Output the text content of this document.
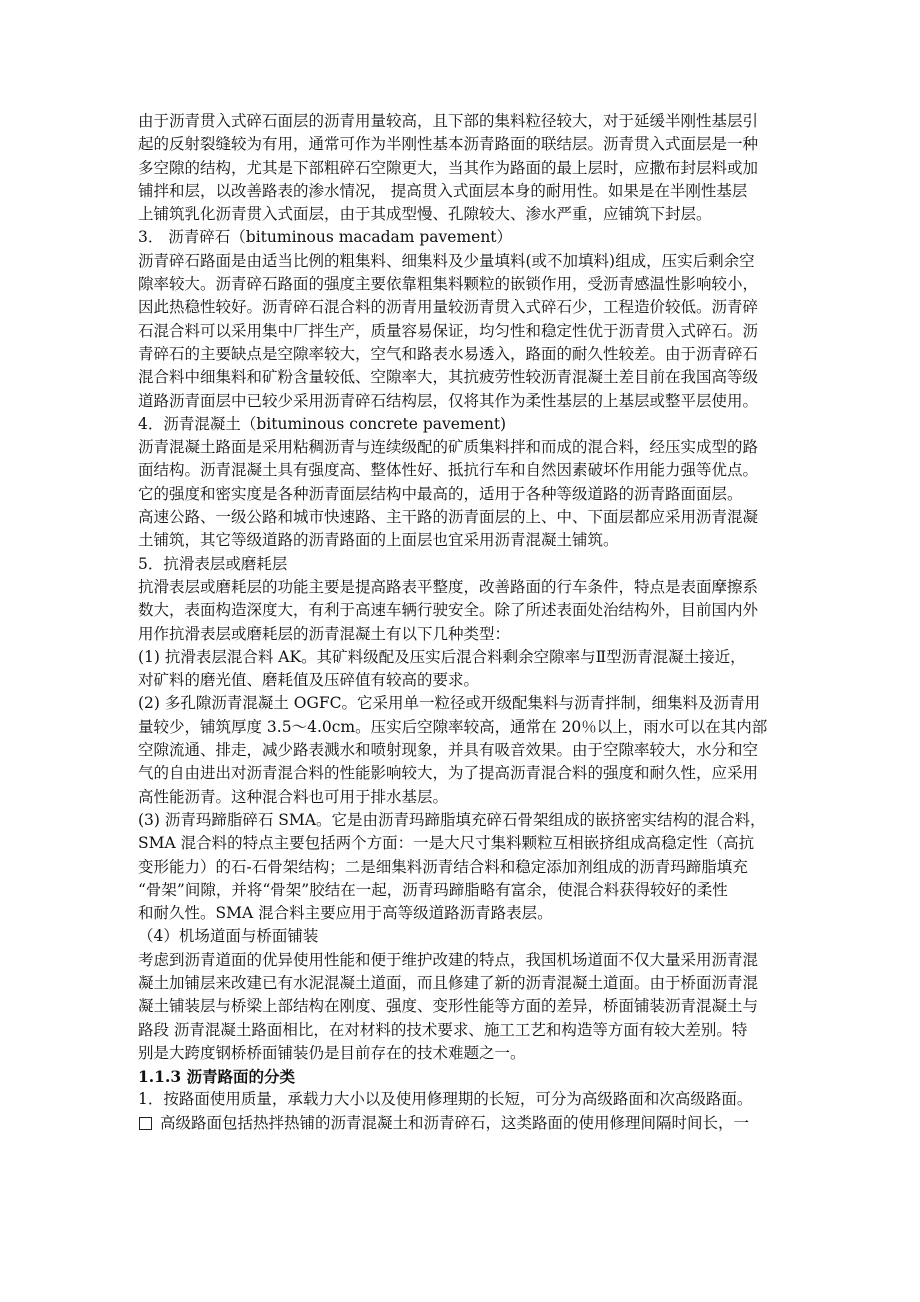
由于沥青贯入式碎石面层的沥青用量较高，且下部的集料粒径较大，对于延缓半刚性基层引
起的反射裂缝较为有用，通常可作为半刚性基本沥青路面的联结层。沥青贯入式面层是一种
多空隙的结构，尤其是下部粗碎石空隙更大，当其作为路面的最上层时，应撒布封层料或加
铺拌和层，以改善路表的渗水情况， 提高贯入式面层本身的耐用性。如果是在半刚性基层
上铺筑乳化沥青贯入式面层，由于其成型慢、孔隙较大、渗水严重，应铺筑下封层。
3． 沥青碎石（bituminous macadam pavement）
沥青碎石路面是由适当比例的粗集料、细集料及少量填料(或不加填料)组成，压实后剩余空
隙率较大。沥青碎石路面的强度主要依靠粗集料颗粒的嵌锁作用，受沥青感温性影响较小，
因此热稳性较好。沥青碎石混合料的沥青用量较沥青贯入式碎石少，工程造价较低。沥青碎
石混合料可以采用集中厂拌生产，质量容易保证，均匀性和稳定性优于沥青贯入式碎石。沥
青碎石的主要缺点是空隙率较大，空气和路表水易透入，路面的耐久性较差。由于沥青碎石
混合料中细集料和矿粉含量较低、空隙率大，其抗疲劳性较沥青混凝土差目前在我国高等级
道路沥青面层中已较少采用沥青碎石结构层，仅将其作为柔性基层的上基层或整平层使用。
4．沥青混凝土（bituminous concrete pavement)
沥青混凝土路面是采用粘稠沥青与连续级配的矿质集料拌和而成的混合料，经压实成型的路
面结构。沥青混凝土具有强度高、整体性好、抵抗行车和自然因素破坏作用能力强等优点。
它的强度和密实度是各种沥青面层结构中最高的，适用于各种等级道路的沥青路面面层。
高速公路、一级公路和城市快速路、主干路的沥青面层的上、中、下面层都应采用沥青混凝
土铺筑，其它等级道路的沥青路面的上面层也宜采用沥青混凝土铺筑。
5．抗滑表层或磨耗层
抗滑表层或磨耗层的功能主要是提高路表平整度，改善路面的行车条件，特点是表面摩擦系
数大，表面构造深度大，有利于高速车辆行驶安全。除了所述表面处治结构外，目前国内外
用作抗滑表层或磨耗层的沥青混凝土有以下几种类型：
(1) 抗滑表层混合料 AK。其矿料级配及压实后混合料剩余空隙率与Ⅱ型沥青混凝土接近，
对矿料的磨光值、磨耗值及压碎值有较高的要求。
(2) 多孔隙沥青混凝土 OGFC。它采用单一粒径或开级配集料与沥青拌制，细集料及沥青用
量较少，铺筑厚度 3.5～4.0cm。压实后空隙率较高，通常在 20％以上，雨水可以在其内部
空隙流通、排走，减少路表溅水和喷射现象，并具有吸音效果。由于空隙率较大，水分和空
气的自由进出对沥青混合料的性能影响较大，为了提高沥青混合料的强度和耐久性，应采用
高性能沥青。这种混合料也可用于排水基层。
(3) 沥青玛蹄脂碎石 SMA。它是由沥青玛蹄脂填充碎石骨架组成的嵌挤密实结构的混合料，
SMA 混合料的特点主要包括两个方面：一是大尺寸集料颗粒互相嵌挤组成高稳定性（高抗
变形能力）的石-石骨架结构；二是细集料沥青结合料和稳定添加剂组成的沥青玛蹄脂填充
“骨架”间隙，并将“骨架”胶结在一起，沥青玛蹄脂略有富余，使混合料获得较好的柔性
和耐久性。SMA 混合料主要应用于高等级道路沥青路表层。
（4）机场道面与桥面铺装
考虑到沥青道面的优异使用性能和便于维护改建的特点，我国机场道面不仅大量采用沥青混
凝土加铺层来改建已有水泥混凝土道面，而且修建了新的沥青混凝土道面。由于桥面沥青混
凝土铺装层与桥梁上部结构在刚度、强度、变形性能等方面的差异，桥面铺装沥青混凝土与
路段 沥青混凝土路面相比，在对材料的技术要求、施工工艺和构造等方面有较大差别。特
别是大跨度钢桥桥面铺装仍是目前存在的技术难题之一。
1.1.3 沥青路面的分类
1．按路面使用质量，承载力大小以及使用修理期的长短，可分为高级路面和次高级路面。
高级路面包括热拌热铺的沥青混凝土和沥青碎石，这类路面的使用修理间隔时间长，一
